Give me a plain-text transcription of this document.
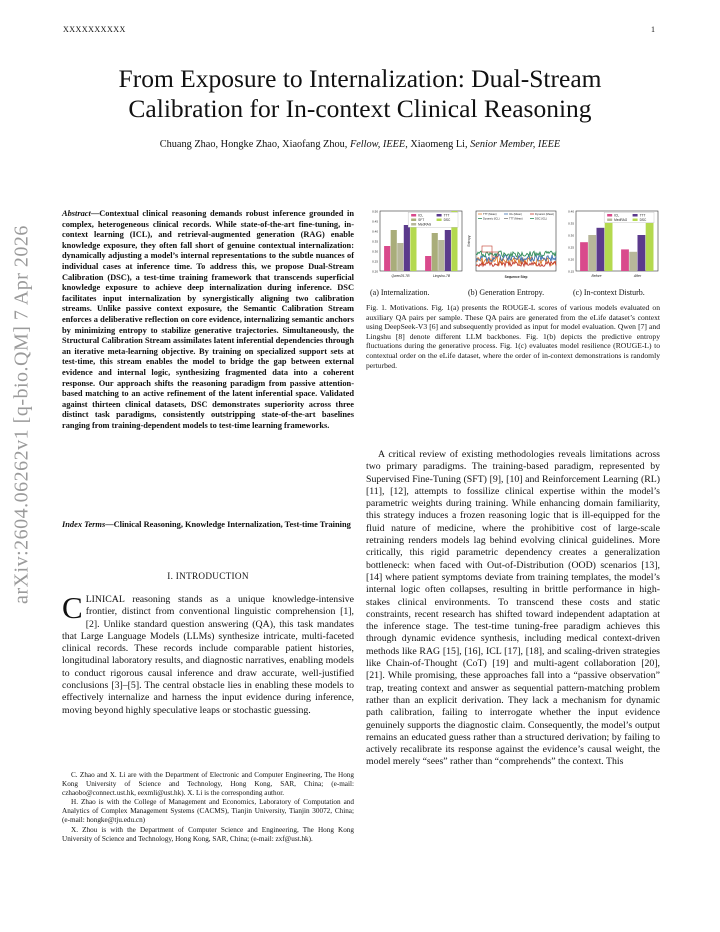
XXXXXXXXXX	1
arXiv:2604.06262v1 [q-bio.QM] 7 Apr 2026
From Exposure to Internalization: Dual-Stream
Calibration for In-context Clinical Reasoning
Chuang Zhao, Hongke Zhao, Xiaofang Zhou, Fellow, IEEE, Xiaomeng Li, Senior Member, IEEE

Abstract—Contextual clinical reasoning demands robust inference grounded in complex, heterogeneous clinical records. While state-of-the-art fine-tuning, in-context learning (ICL), and retrieval-augmented generation (RAG) enable knowledge exposure, they often fall short of genuine contextual internalization: dynamically adjusting a model’s internal representations to the subtle nuances of individual cases at inference time. To address this, we propose Dual-Stream Calibration (DSC), a test-time training framework that transcends superficial knowledge exposure to achieve deep internalization during inference. DSC facilitates input internalization by synergistically aligning two calibration streams. Unlike passive context exposure, the Semantic Calibration Stream enforces a deliberative reflection on core evidence, internalizing semantic anchors by minimizing entropy to stabilize generative trajectories. Simultaneously, the Structural Calibration Stream assimilates latent inferential dependencies through an iterative meta-learning objective. By training on specialized support sets at test-time, this stream enables the model to bridge the gap between external evidence and internal logic, synthesizing fragmented data into a coherent response. Our approach shifts the reasoning paradigm from passive attention-based matching to an active refinement of the latent inferential space. Validated against thirteen clinical datasets, DSC demonstrates superiority across three distinct task paradigms, consistently outstripping state-of-the-art baselines ranging from training-dependent models to test-time learning frameworks.

Index Terms—Clinical Reasoning, Knowledge Internalization, Test-time Training

I. INTRODUCTION

CLINICAL reasoning stands as a unique knowledge-intensive frontier, distinct from conventional linguistic comprehension [1], [2]. Unlike standard question answering (QA), this task mandates that Large Language Models (LLMs) synthesize intricate, multi-faceted clinical records. These records include comparable patient histories, longitudinal laboratory results, and diagnostic narratives, enabling models to conduct rigorous causal inference and draw accurate, well-justified conclusions [3]–[5]. The central obstacle lies in enabling these models to effectively internalize and harness the input evidence during inference, moving beyond highly speculative leaps or stochastic guessing.

C. Zhao and X. Li are with the Department of Electronic and Computer Engineering, The Hong Kong University of Science and Technology, Hong Kong, SAR, China; (e-mail: czhaobo@connect.ust.hk, eexmli@ust.hk). X. Li is the corresponding author.

H. Zhao is with the College of Management and Economics, Laboratory of Computation and Analytics of Complex Management Systems (CACMS), Tianjin University, Tianjin 30072, China; (e-mail: hongke@tju.edu.cn)

X. Zhou is with the Department of Computer Science and Engineering, The Hong Kong University of Science and Technology, Hong Kong, SAR, China; (e-mail: zxf@ust.hk).

0.20
0.25
0.30
0.35
0.40
0.45
0.50
Qwen25-7B	Lingshu-7B
ICL	TTT
SFT	DSC
MedRAG
TTT (Mean)	ICL (Mean)	Dynamic (Mean)
Dynamic (ICL)	TTT (Mean)	DSC (ICL)
Sequence Step
Entropy
0.15
0.20
0.25
0.30
0.35
0.40
Before	After
ICL	TTT
MedRAG	DSC
(a) Internalization.	(b) Generation Entropy.	(c) In-context Disturb.
Fig. 1. Motivations. Fig. 1(a) presents the ROUGE-L scores of various models evaluated on auxiliary QA pairs per sample. These QA pairs are generated from the eLife dataset’s context using DeepSeek-V3 [6] and subsequently provided as input for model evaluation. Qwen [7] and Lingshu [8] denote different LLM backbones. Fig. 1(b) depicts the predictive entropy fluctuations during the generative process. Fig. 1(c) evaluates model resilience (ROUGE-L) to contextual order on the eLife dataset, where the order of in-context demonstrations is randomly perturbed.

A critical review of existing methodologies reveals limitations across two primary paradigms. The training-based paradigm, represented by Supervised Fine-Tuning (SFT) [9], [10] and Reinforcement Learning (RL) [11], [12], attempts to fossilize clinical expertise within the model’s parametric weights during training. While enhancing domain familiarity, this strategy induces a frozen reasoning logic that is ill-equipped for the fluid nature of medicine, where the prohibitive cost of large-scale retraining renders models lag behind evolving clinical guidelines. More critically, this rigid parametric dependency creates a generalization bottleneck: when faced with Out-of-Distribution (OOD) scenarios [13], [14] where patient symptoms deviate from training templates, the model’s internal logic often collapses, resulting in brittle performance in high-stakes clinical environments. To transcend these costs and static constraints, recent research has shifted toward independent adaptation at the inference stage. The test-time tuning-free paradigm achieves this through dynamic evidence synthesis, including medical context-driven methods like RAG [15], [16], ICL [17], [18], and scaling-driven strategies like Chain-of-Thought (CoT) [19] and multi-agent collaboration [20], [21]. While promising, these approaches fall into a “passive observation” trap, treating context and answer as sequential pattern-matching problem rather than an explicit derivation. They lack a mechanism for dynamic path calibration, failing to interrogate whether the input evidence genuinely supports the diagnostic claim. Consequently, the model’s output remains an educated guess rather than a structured derivation; by failing to actively recalibrate its response against the evidence’s causal weight, the model merely “sees” rather than “comprehends” the context. This
